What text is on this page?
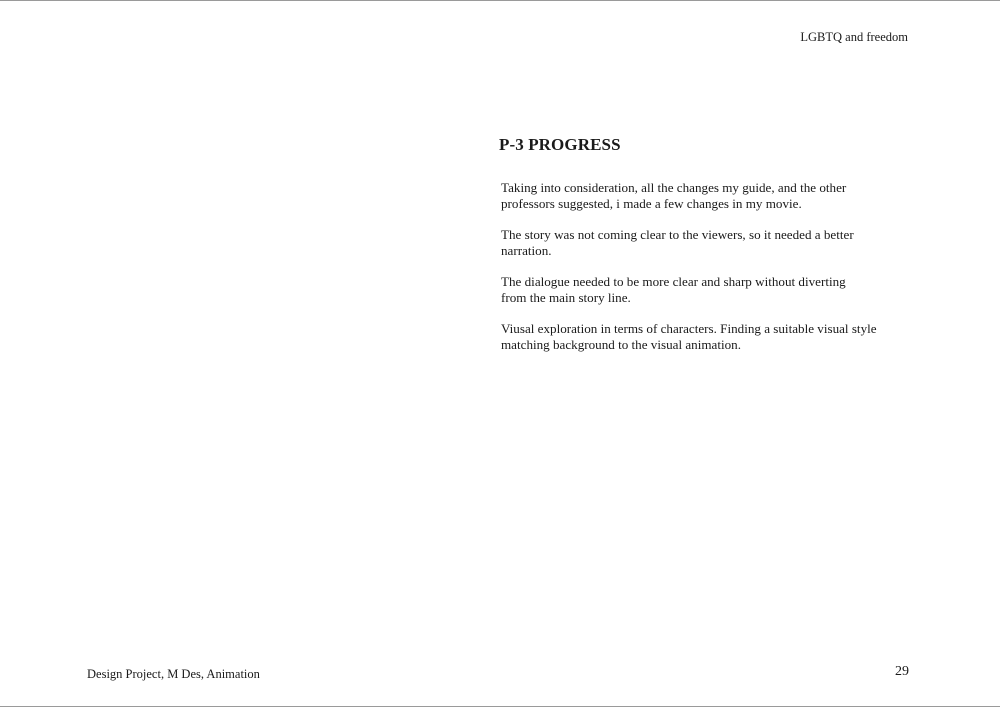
LGBTQ and freedom
P-3 PROGRESS

Taking into consideration, all the changes my guide, and the other
professors suggested, i made a few changes in my movie.

The story was not coming clear to the viewers, so it needed a better
narration.

The dialogue needed to be more clear and sharp without diverting
from the main story line.

Viusal exploration in terms of characters. Finding a suitable visual style
matching background to the visual animation.

Design Project, M Des, Animation	29
